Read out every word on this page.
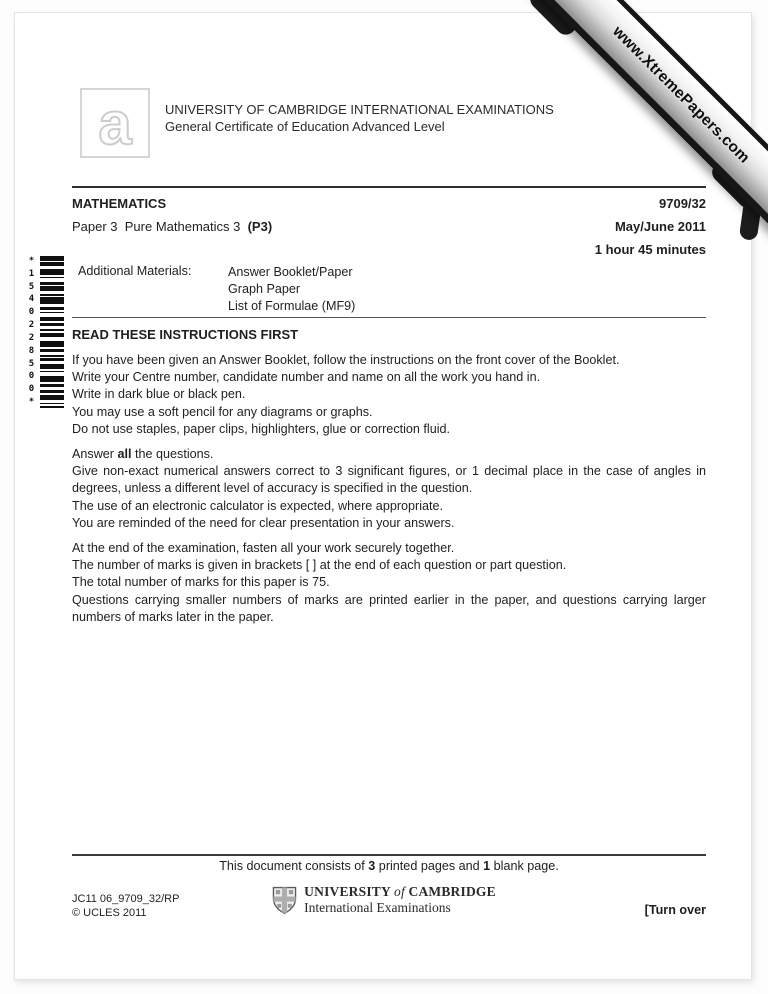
www.XtremePapers.com
*
1
5
4
0
2
2
8
5
0
0
*
a	UNIVERSITY OF CAMBRIDGE INTERNATIONAL EXAMINATIONS
General Certificate of Education Advanced Level
MATHEMATICS	9709/32
Paper 3  Pure Mathematics 3  (P3)	May/June 2011
1 hour 45 minutes
Additional Materials:	Answer Booklet/Paper
Graph Paper
List of Formulae (MF9)
READ THESE INSTRUCTIONS FIRST
If you have been given an Answer Booklet, follow the instructions on the front cover of the Booklet.
Write your Centre number, candidate number and name on all the work you hand in.
Write in dark blue or black pen.
You may use a soft pencil for any diagrams or graphs.
Do not use staples, paper clips, highlighters, glue or correction fluid.
Answer all the questions.
Give non-exact numerical answers correct to 3 significant figures, or 1 decimal place in the case of angles in
degrees, unless a different level of accuracy is specified in the question.
The use of an electronic calculator is expected, where appropriate.
You are reminded of the need for clear presentation in your answers.
At the end of the examination, fasten all your work securely together.
The number of marks is given in brackets [ ] at the end of each question or part question.
The total number of marks for this paper is 75.
Questions carrying smaller numbers of marks are printed earlier in the paper, and questions carrying larger
numbers of marks later in the paper.
This document consists of 3 printed pages and 1 blank page.
JC11 06_9709_32/RP
© UCLES 2011
UNIVERSITY of CAMBRIDGE
International Examinations	[Turn over
